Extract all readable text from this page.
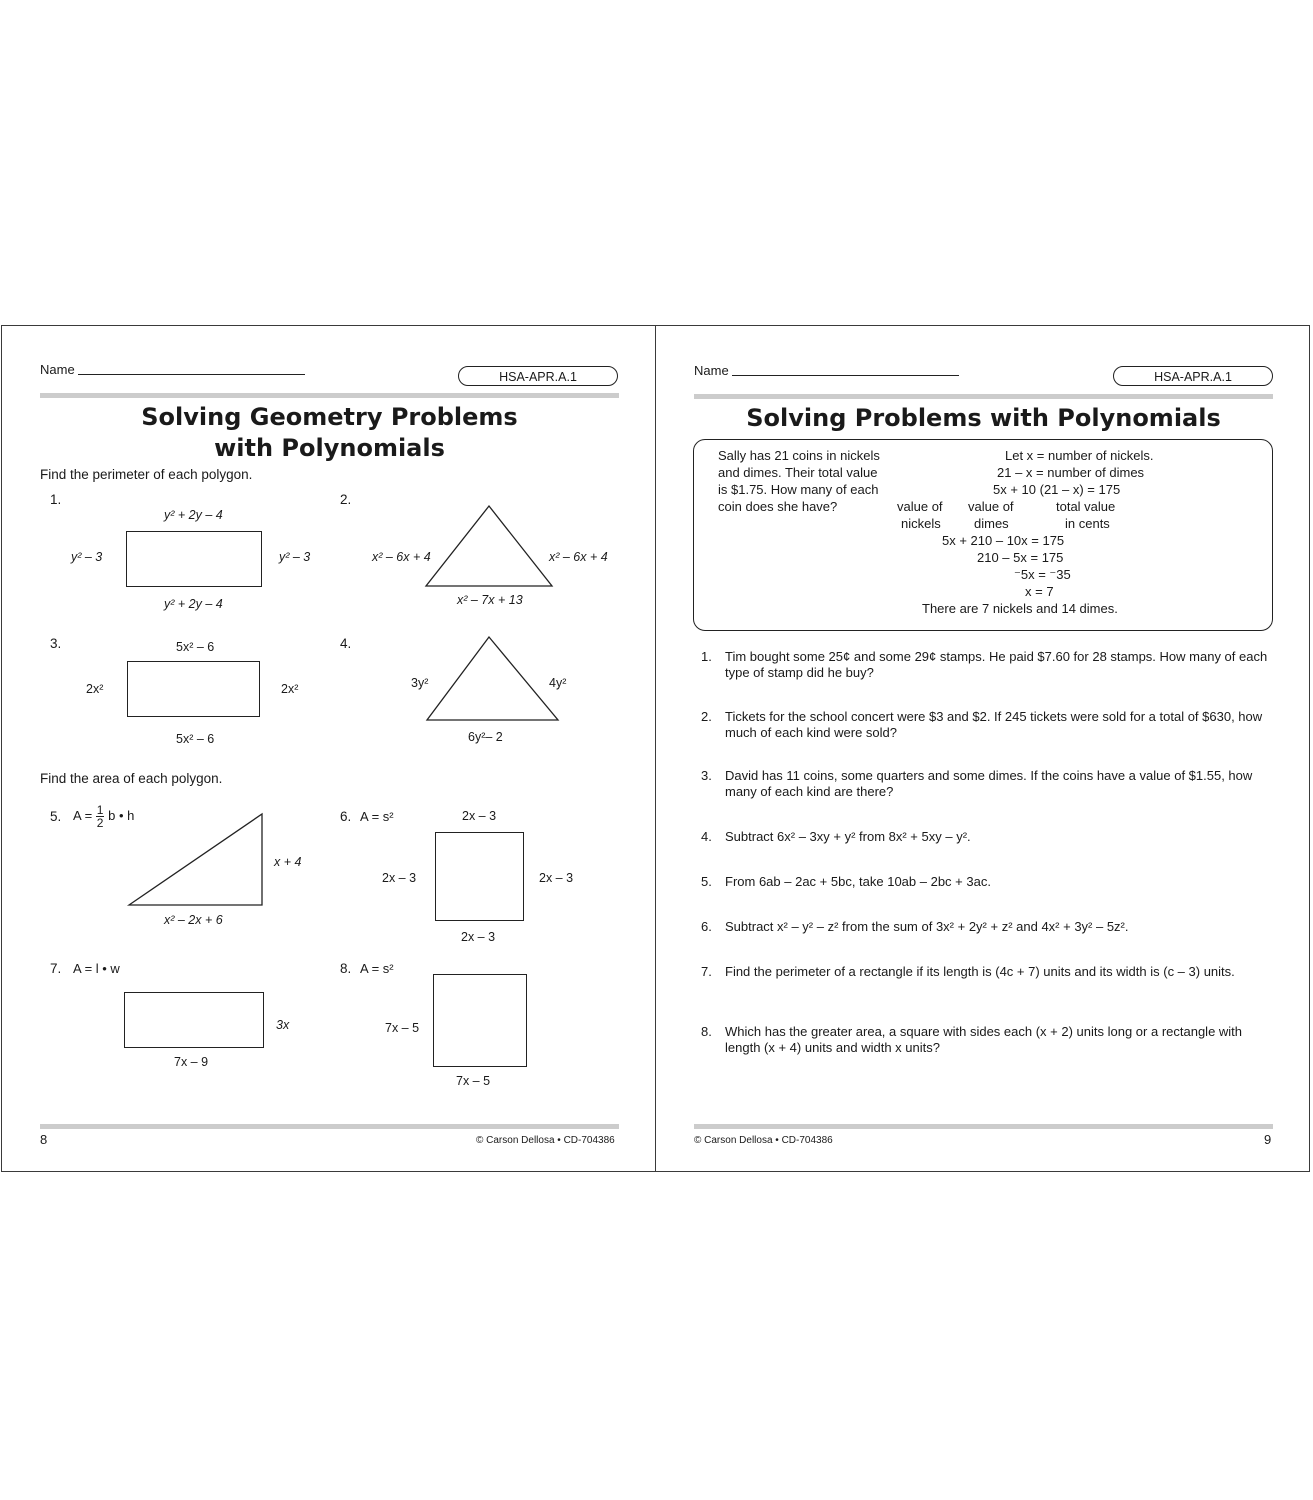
Name	HSA-APR.A.1
Solving Geometry Problems
with Polynomials
Find the perimeter of each polygon.
1.
y² + 2y – 4
y² – 3	y² – 3
y² + 2y – 4
2.
x² – 6x + 4	x² – 6x + 4
x² – 7x + 13
3.	5x² – 6
2x²	2x²
5x² – 6
4.
3y²	4y²
6y²– 2
Find the area of each polygon.
5. $A = \frac{1}{2}$ b • h
x + 4
x² – 2x + 6
6. A = s²	2x – 3
2x – 3	2x – 3
2x – 3
7. A = l • w
3x
7x – 9
8. A = s²
7x – 5
7x – 5
8	© Carson Dellosa • CD-704386
Name	HSA-APR.A.1
Solving Problems with Polynomials
Sally has 21 coins in nickels
and dimes. Their total value
is $1.75. How many of each
coin does she have?
Let x = number of nickels.
21 – x = number of dimes
5x + 10 (21 – x) = 175
value of
nickels
value of
dimes
total value
in cents
5x + 210 – 10x = 175
210 – 5x = 175
⁻5x = ⁻35
x = 7
There are 7 nickels and 14 dimes.
1. Tim bought some 25¢ and some 29¢ stamps. He paid $7.60 for 28 stamps. How many of each type of stamp did he buy?
2. Tickets for the school concert were $3 and $2. If 245 tickets were sold for a total of $630, how much of each kind were sold?
3. David has 11 coins, some quarters and some dimes. If the coins have a value of $1.55, how many of each kind are there?
4. Subtract 6x² – 3xy + y² from 8x² + 5xy – y².
5. From 6ab – 2ac + 5bc, take 10ab – 2bc + 3ac.
6. Subtract x² – y² – z² from the sum of 3x² + 2y² + z² and 4x² + 3y² – 5z².
7. Find the perimeter of a rectangle if its length is (4c + 7) units and its width is (c – 3) units.
8. Which has the greater area, a square with sides each (x + 2) units long or a rectangle with length (x + 4) units and width x units?
© Carson Dellosa • CD-704386	9
